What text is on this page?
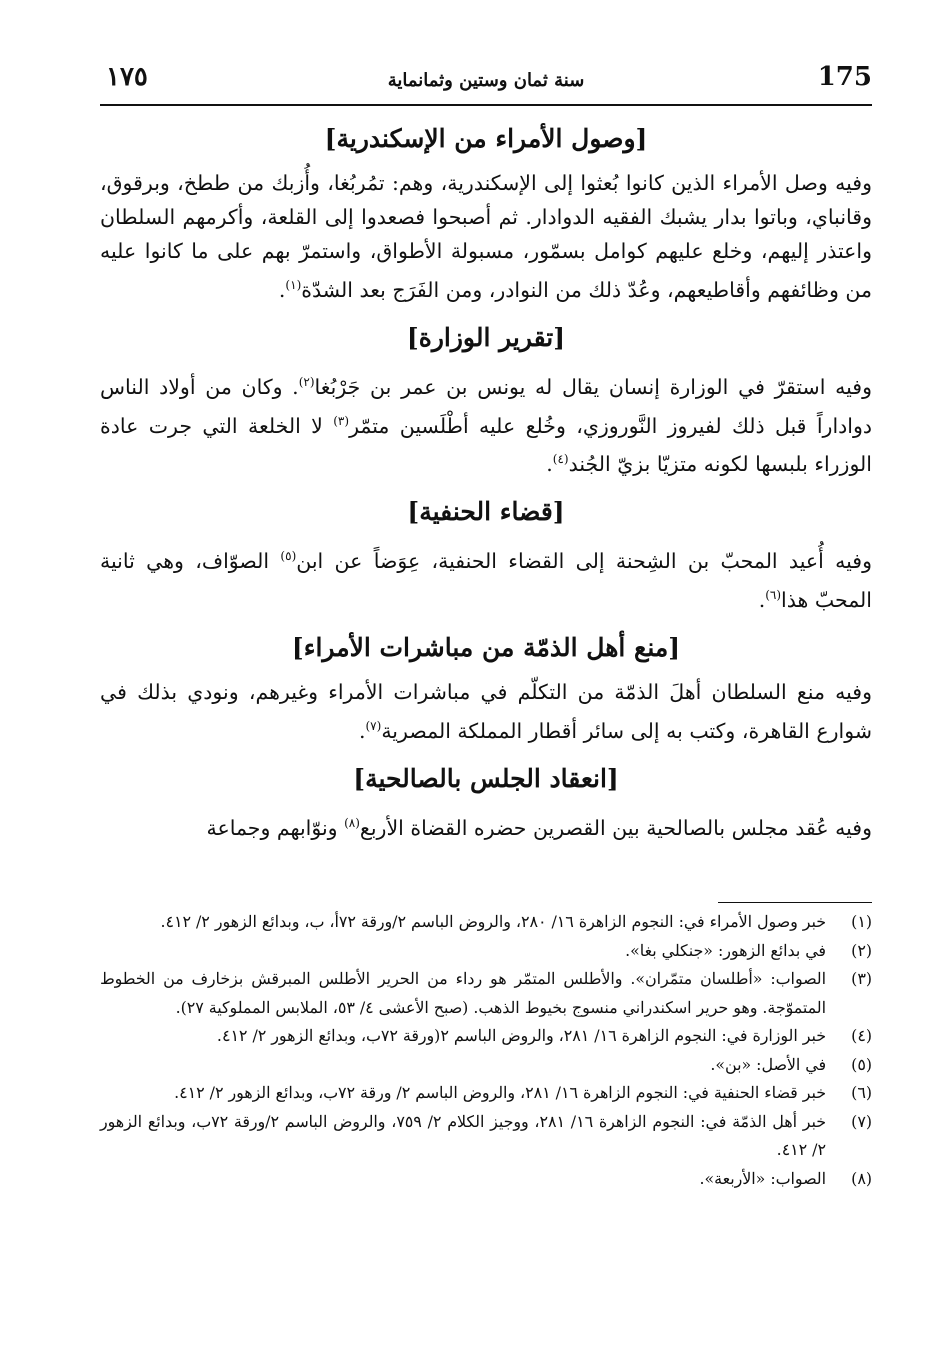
١٧٥	سنة ثمان وستين وثمانماية	175
[وصول الأمراء من الإسكندرية]

وفيه وصل الأمراء الذين كانوا بُعثوا إلى الإسكندرية، وهم: تمُربُغا، وأُزبك من ططخ، وبرقوق، وقانباي، وباتوا بدار يشبك الفقيه الدوادار. ثم أصبحوا فصعدوا إلى القلعة، وأكرمهم السلطان واعتذر إليهم، وخلع عليهم كوامل بسمّور، مسبولة الأطواق، واستمرّ بهم على ما كانوا عليه من وظائفهم وأقاطيعهم، وعُدّ ذلك من النوادر، ومن الفَرَج بعد الشدّة$^{(١)}$.

[تقرير الوزارة]

وفيه استقرّ في الوزارة إنسان يقال له يونس بن عمر بن جَرْبُغا$^{(٢)}$. وكان من أولاد الناس دواداراً قبل ذلك لفيروز النَّوروزي، وخُلع عليه أطْلَسين متمّر$^{(٣)}$ لا الخلعة التي جرت عادة الوزراء بلبسها لكونه متزيّا بزيّ الجُند$^{(٤)}$.

[قضاء الحنفية]

وفيه أُعيد المحبّ بن الشِحنة إلى القضاء الحنفية، عِوَضاً عن ابن$^{(٥)}$ الصوّاف، وهي ثانية المحبّ هذا$^{(٦)}$.

[منع أهل الذمّة من مباشرات الأمراء]

وفيه منع السلطان أهلَ الذمّة من التكلّم في مباشرات الأمراء وغيرهم، ونودي بذلك في شوارع القاهرة، وكتب به إلى سائر أقطار المملكة المصرية$^{(٧)}$.

[انعقاد الجلس بالصالحية]

وفيه عُقد مجلس بالصالحية بين القصرين حضره القضاة الأربع$^{(٨)}$ ونوّابهم وجماعة

(١)
خبر وصول الأمراء في: النجوم الزاهرة ١٦/ ٢٨٠، والروض الباسم ٢/ورقة ٧٢أ، ب، وبدائع الزهور ٢/ ٤١٢.
(٢)
في بدائع الزهور: «جنكلي بغا».
(٣)
الصواب: «أطلسان متمّران». والأطلس المتمّر هو رداء من الحرير الأطلس المبرقش بزخارف من الخطوط المتموّجة. وهو حرير اسكندراني منسوج بخيوط الذهب. (صبح الأعشى ٤/ ٥٣، الملابس المملوكية ٢٧).
(٤)
خبر الوزارة في: النجوم الزاهرة ١٦/ ٢٨١، والروض الباسم ٢(ورقة ٧٢ب، وبدائع الزهور ٢/ ٤١٢.
(٥)
في الأصل: «بن».
(٦)
خبر قضاء الحنفية في: النجوم الزاهرة ١٦/ ٢٨١، والروض الباسم ٢/ ورقة ٧٢ب، وبدائع الزهور ٢/ ٤١٢.
(٧)
خبر أهل الذمّة في: النجوم الزاهرة ١٦/ ٢٨١، ووجيز الكلام ٢/ ٧٥٩، والروض الباسم ٢/ورقة ٧٢ب، وبدائع الزهور ٢/ ٤١٢.
(٨)
الصواب: «الأربعة».
